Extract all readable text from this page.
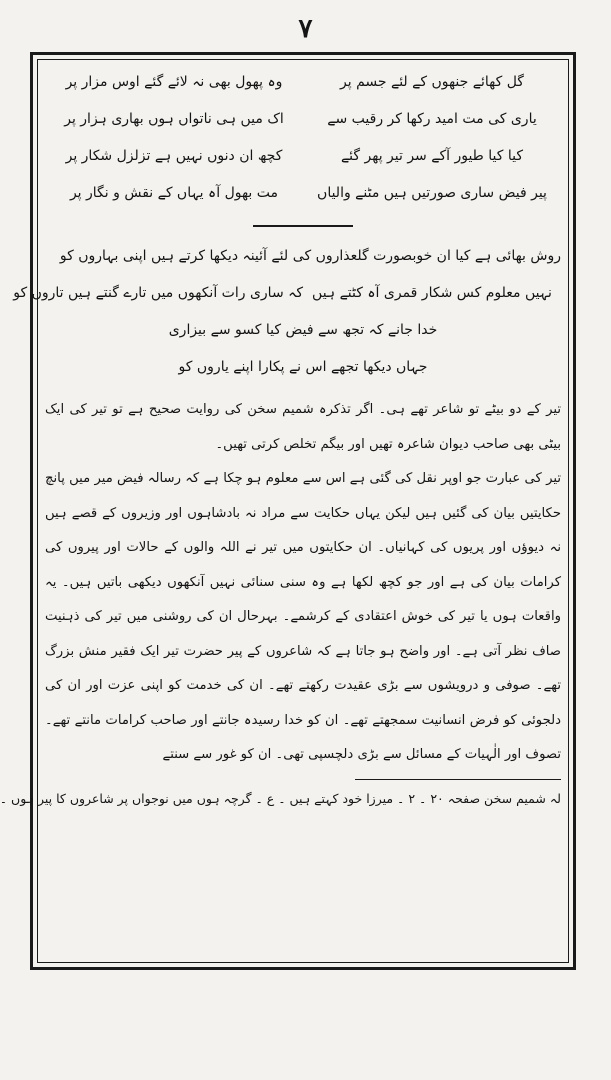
۷
گل کھائے جنھوں کے لئے جسم پر
وہ پھول بھی نہ لائے گئے اوس مزار پر
یاری کی مت امید رکھا کر رقیب سے
اک میں ہی ناتواں ہوں بھاری ہزار پر
کیا کیا طیور آکے سر تیر پھر گئے
کچھ ان دنوں نہیں ہے تزلزل شکار پر
پیر فیض ساری صورتیں ہیں مٹنے والیاں
مت بھول آہ یہاں کے نقش و نگار پر
روش بھائی ہے کیا ان خوبصورت گلعذاروں کی
لئے آئینہ دیکھا کرتے ہیں اپنی بہاروں کو
نہیں معلوم کس شکار قمری آہ کٹتے ہیں
کہ ساری رات آنکھوں میں تارے گنتے ہیں تاروں کو
خدا جانے کہ تجھ سے فیض کیا کسو سے بیزاری
جہاں دیکھا تجھے اس نے پکارا اپنے یاروں کو

تیر کے دو بیٹے تو شاعر تھے ہی۔ اگر تذکرہ شمیم سخن کی روایت صحیح ہے تو تیر کی ایک بیٹی بھی صاحب دیوان شاعرہ تھیں اور بیگم تخلص کرتی تھیں۔

تیر کی عبارت جو اوپر نقل کی گئی ہے اس سے معلوم ہو چکا ہے کہ رسالہ فیض میر میں پانچ حکایتیں بیان کی گئیں ہیں لیکن یہاں حکایت سے مراد نہ بادشاہوں اور وزیروں کے قصے ہیں نہ دیوؤں اور پریوں کی کہانیاں۔ ان حکایتوں میں تیر نے اللہ والوں کے حالات اور پیروں کی کرامات بیان کی ہے اور جو کچھ لکھا ہے وہ سنی سنائی نہیں آنکھوں دیکھی باتیں ہیں۔ یہ واقعات ہوں یا تیر کی خوش اعتقادی کے کرشمے۔ بہرحال ان کی روشنی میں تیر کی ذہنیت صاف نظر آتی ہے۔ اور واضح ہو جاتا ہے کہ شاعروں کے پیر حضرت تیر ایک فقیر منش بزرگ تھے۔ صوفی و درویشوں سے بڑی عقیدت رکھتے تھے۔ ان کی خدمت کو اپنی عزت اور ان کی دلجوئی کو فرض انسانیت سمجھتے تھے۔ ان کو خدا رسیدہ جانتے اور صاحب کرامات مانتے تھے۔ تصوف اور الٰہیات کے مسائل سے بڑی دلچسپی تھی۔ ان کو غور سے سنتے

لہ شمیم سخن صفحہ ۲۰ ۔ ۲ ۔ میرزا خود کہتے ہیں ۔ ع ۔ گرچہ ہوں میں نوجواں پر شاعروں کا پیر ہوں ۔
